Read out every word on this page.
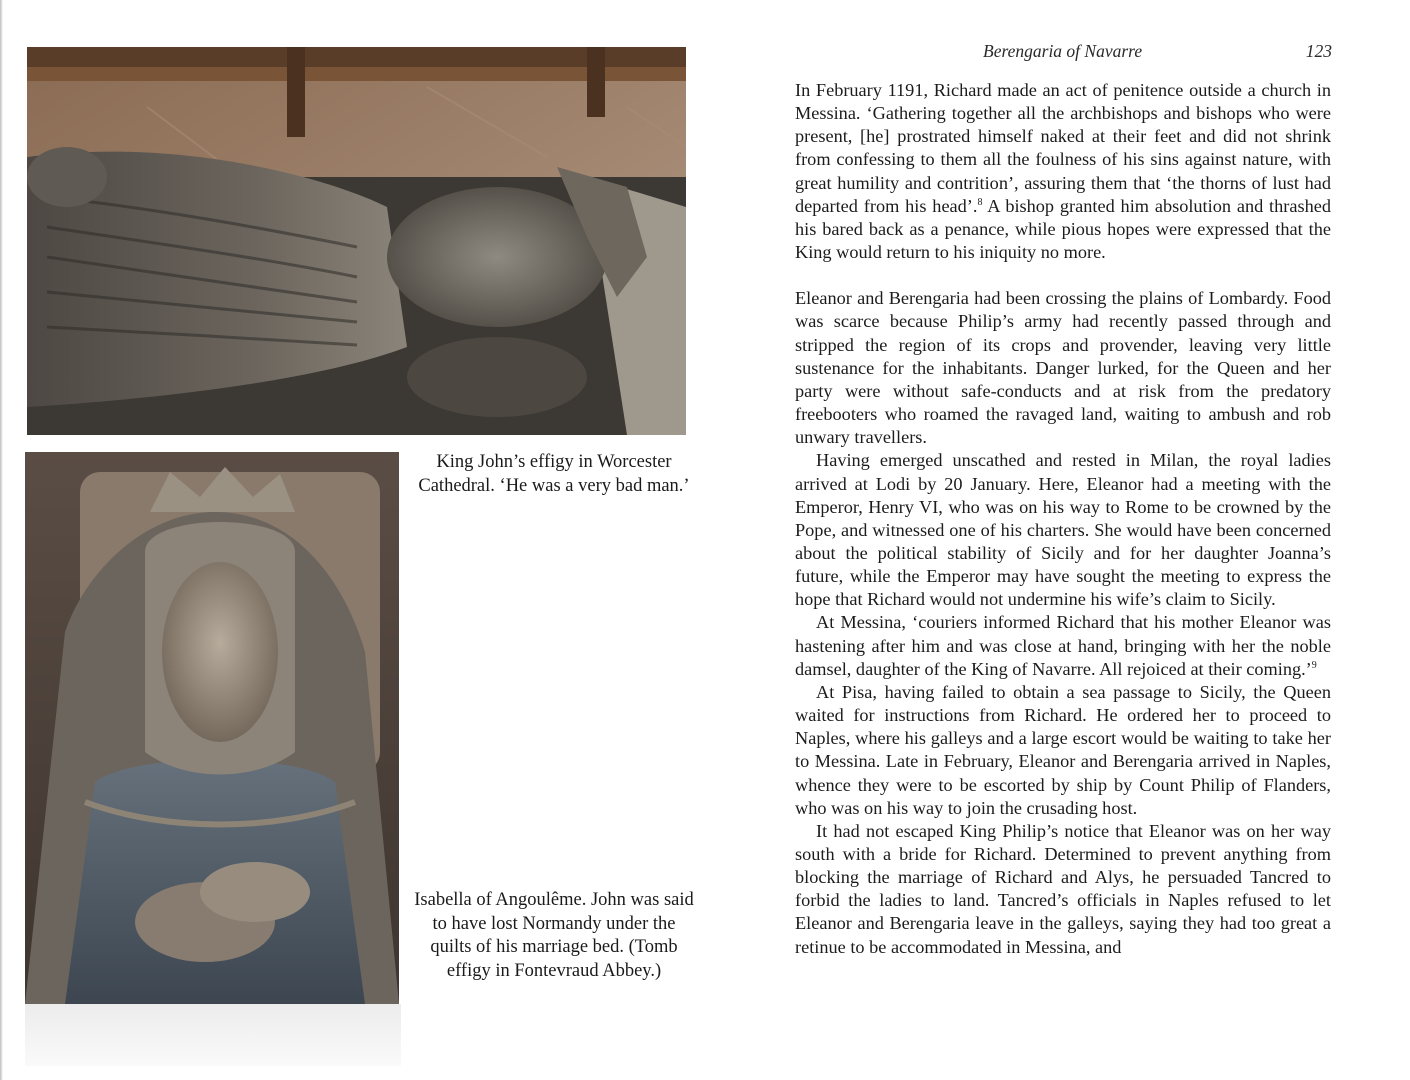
King John’s effigy in Worcester Cathedral. ‘He was a very bad man.’
Isabella of Angoulême. John was said to have lost Normandy under the quilts of his marriage bed. (Tomb effigy in Fontevraud Abbey.)
Berengaria of Navarre	123

In February 1191, Richard made an act of penitence outside a church in Messina. ‘Gathering together all the archbishops and bishops who were present, [he] prostrated himself naked at their feet and did not shrink from confessing to them all the foulness of his sins against nature, with great humility and contrition’, assuring them that ‘the thorns of lust had departed from his head’.$^8$ A bishop granted him absolution and thrashed his bared back as a penance, while pious hopes were expressed that the King would return to his iniquity no more.

Eleanor and Berengaria had been crossing the plains of Lombardy. Food was scarce because Philip’s army had recently passed through and stripped the region of its crops and provender, leaving very little sustenance for the inhabitants. Danger lurked, for the Queen and her party were without safe-conducts and at risk from the predatory freebooters who roamed the ravaged land, waiting to ambush and rob unwary travellers.

Having emerged unscathed and rested in Milan, the royal ladies arrived at Lodi by 20 January. Here, Eleanor had a meeting with the Emperor, Henry VI, who was on his way to Rome to be crowned by the Pope, and witnessed one of his charters. She would have been concerned about the political stability of Sicily and for her daughter Joanna’s future, while the Emperor may have sought the meeting to express the hope that Richard would not undermine his wife’s claim to Sicily.

At Messina, ‘couriers informed Richard that his mother Eleanor was hastening after him and was close at hand, bringing with her the noble damsel, daughter of the King of Navarre. All rejoiced at their coming.’$^9$

At Pisa, having failed to obtain a sea passage to Sicily, the Queen waited for instructions from Richard. He ordered her to proceed to Naples, where his galleys and a large escort would be waiting to take her to Messina. Late in February, Eleanor and Berengaria arrived in Naples, whence they were to be escorted by ship by Count Philip of Flanders, who was on his way to join the crusading host.

It had not escaped King Philip’s notice that Eleanor was on her way south with a bride for Richard. Determined to prevent anything from blocking the marriage of Richard and Alys, he persuaded Tancred to forbid the ladies to land. Tancred’s officials in Naples refused to let Eleanor and Berengaria leave in the galleys, saying they had too great a retinue to be accommodated in Messina, and
